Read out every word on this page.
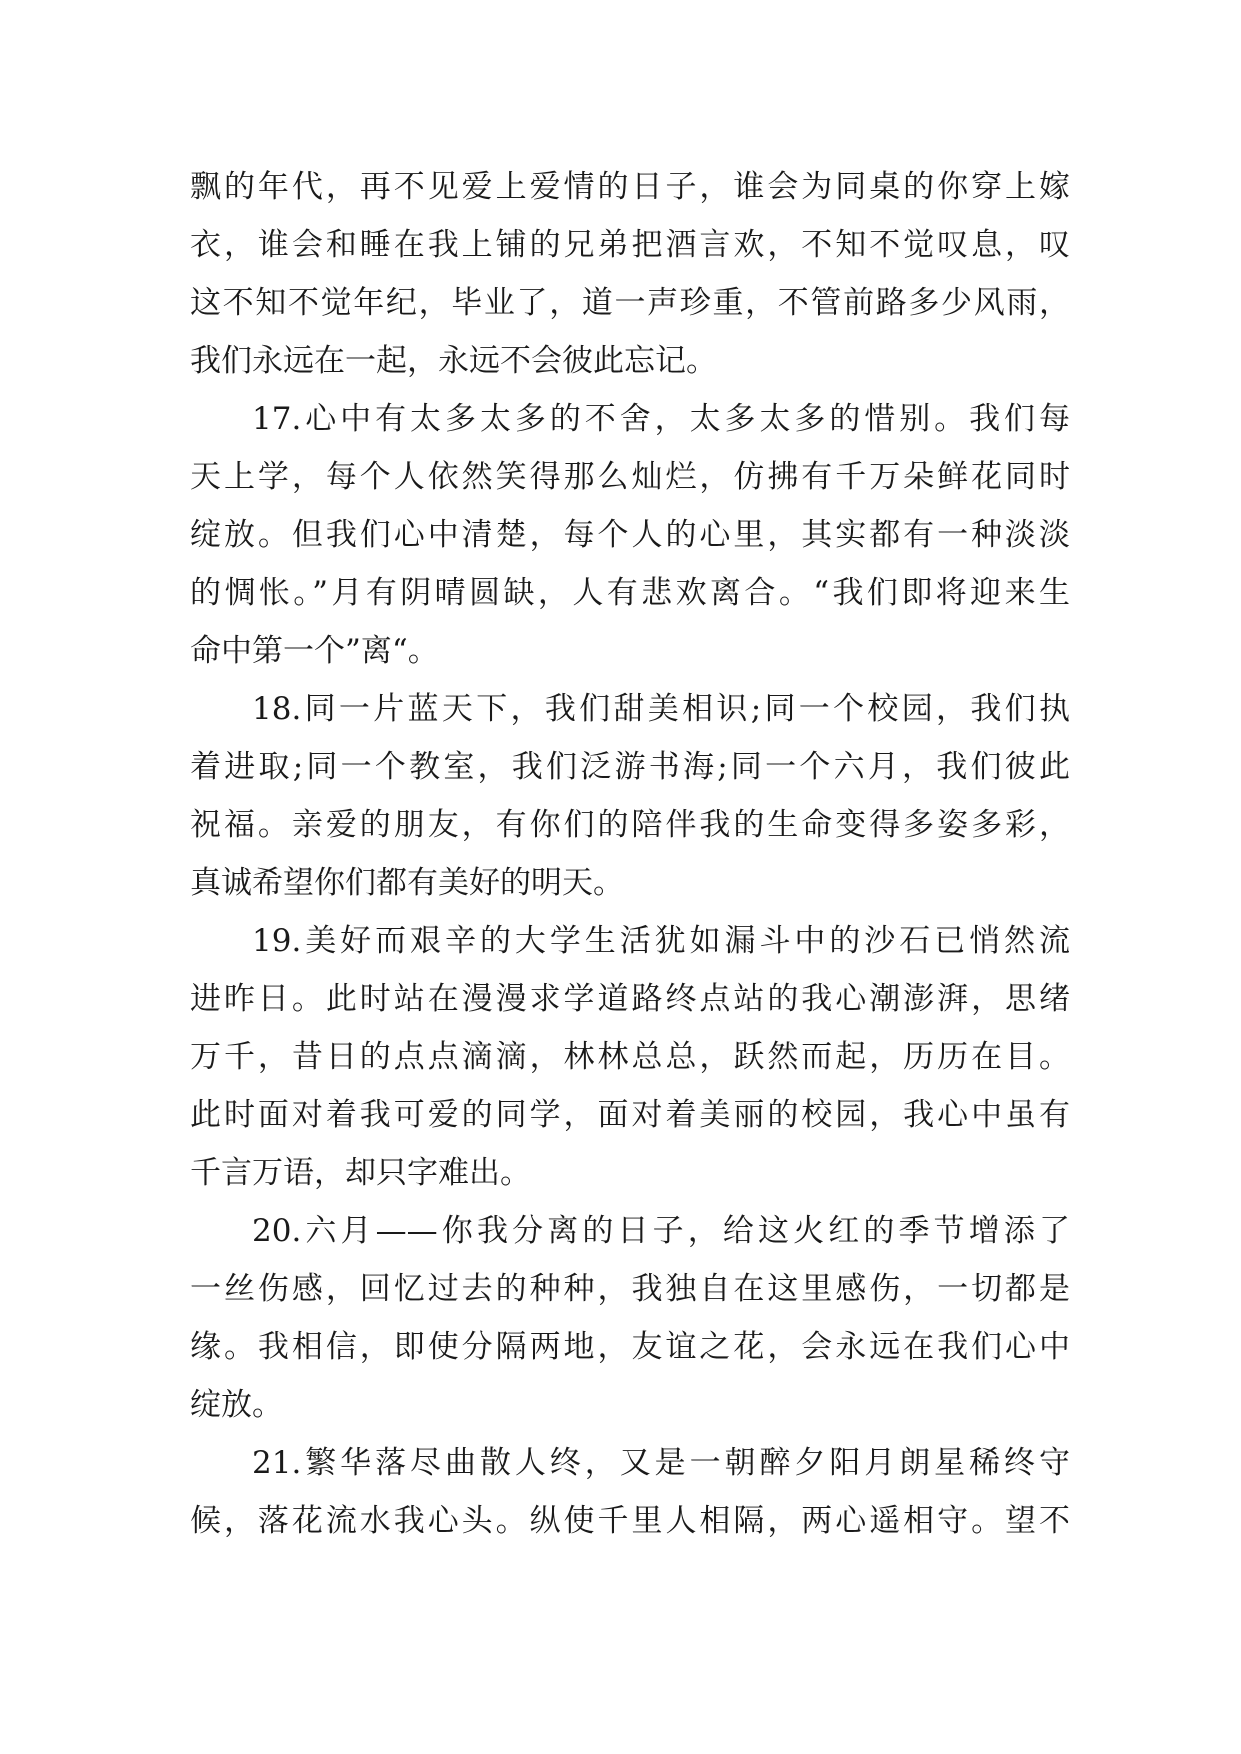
飘的年代，再不见爱上爱情的日子，谁会为同桌的你穿上嫁
衣，谁会和睡在我上铺的兄弟把酒言欢，不知不觉叹息，叹
这不知不觉年纪，毕业了，道一声珍重，不管前路多少风雨，
我们永远在一起，永远不会彼此忘记。
17.心中有太多太多的不舍，太多太多的惜别。我们每
天上学，每个人依然笑得那么灿烂，仿拂有千万朵鲜花同时
绽放。但我们心中清楚，每个人的心里，其实都有一种淡淡
的惆怅。”月有阴晴圆缺，人有悲欢离合。“我们即将迎来生
命中第一个”离“。
18.同一片蓝天下，我们甜美相识;同一个校园，我们执
着进取;同一个教室，我们泛游书海;同一个六月，我们彼此
祝福。亲爱的朋友，有你们的陪伴我的生命变得多姿多彩，
真诚希望你们都有美好的明天。
19.美好而艰辛的大学生活犹如漏斗中的沙石已悄然流
进昨日。此时站在漫漫求学道路终点站的我心潮澎湃，思绪
万千，昔日的点点滴滴，林林总总，跃然而起，历历在目。
此时面对着我可爱的同学，面对着美丽的校园，我心中虽有
千言万语，却只字难出。
20.六月——你我分离的日子，给这火红的季节增添了
一丝伤感，回忆过去的种种，我独自在这里感伤，一切都是
缘。我相信，即使分隔两地，友谊之花，会永远在我们心中
绽放。
21.繁华落尽曲散人终，又是一朝醉夕阳月朗星稀终守
候，落花流水我心头。纵使千里人相隔，两心遥相守。望不
